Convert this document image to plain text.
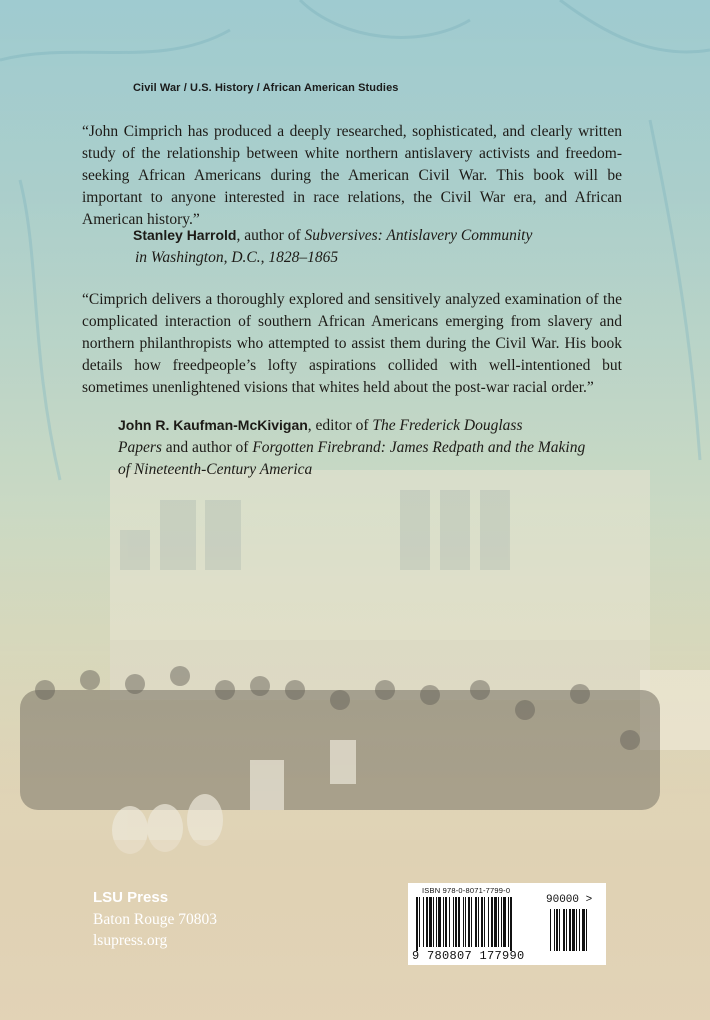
Civil War / U.S. History / African American Studies

“John Cimprich has produced a deeply researched, sophisticated, and clearly written study of the relationship between white northern antislavery activists and freedom-seeking African Americans during the American Civil War. This book will be important to anyone interested in race relations, the Civil War era, and African American history.”

Stanley Harrold, author of Subversives: Antislavery Community
in Washington, D.C., 1828–1865

“Cimprich delivers a thoroughly explored and sensitively analyzed examination of the complicated interaction of southern African Americans emerging from slavery and northern philanthropists who attempted to assist them during the Civil War. His book details how freedpeople’s lofty aspirations collided with well-intentioned but sometimes unenlightened visions that whites held about the post-war racial order.”

John R. Kaufman-McKivigan, editor of The Frederick Douglass
Papers and author of Forgotten Firebrand: James Redpath and the Making
of Nineteenth-Century America

LSU Press
Baton Rouge 70803
lsupress.org
ISBN 978-0-8071-7799-0
90000 >
9 780807 177990
